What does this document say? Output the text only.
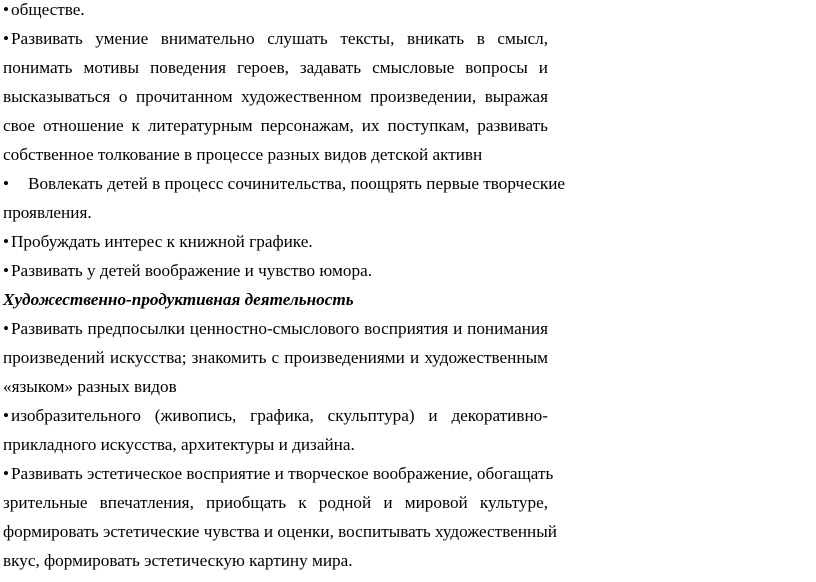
• обществе.
• Развивать умение внимательно слушать тексты, вникать в смысл,
понимать мотивы поведения героев, задавать смысловые вопросы и
высказываться о прочитанном художественном произведении, выражая
свое отношение к литературным персонажам, их поступкам, развивать
собственное толкование в процессе разных видов детской активн
• Вовлекать детей в процесс сочинительства, поощрять первые творческие
проявления.
• Пробуждать интерес к книжной графике.
• Развивать у детей воображение и чувство юмора.
Художественно-продуктивная деятельность
• Развивать предпосылки ценностно-смыслового восприятия и понимания
произведений искусства; знакомить с произведениями и художественным
«языком» разных видов
• изобразительного (живопись, графика, скульптура) и декоративно-
прикладного искусства, архитектуры и дизайна.
• Развивать эстетическое восприятие и творческое воображение, обогащать
зрительные впечатления, приобщать к родной и мировой культуре,
формировать эстетические чувства и оценки, воспитывать художественный
вкус, формировать эстетическую картину мира.
